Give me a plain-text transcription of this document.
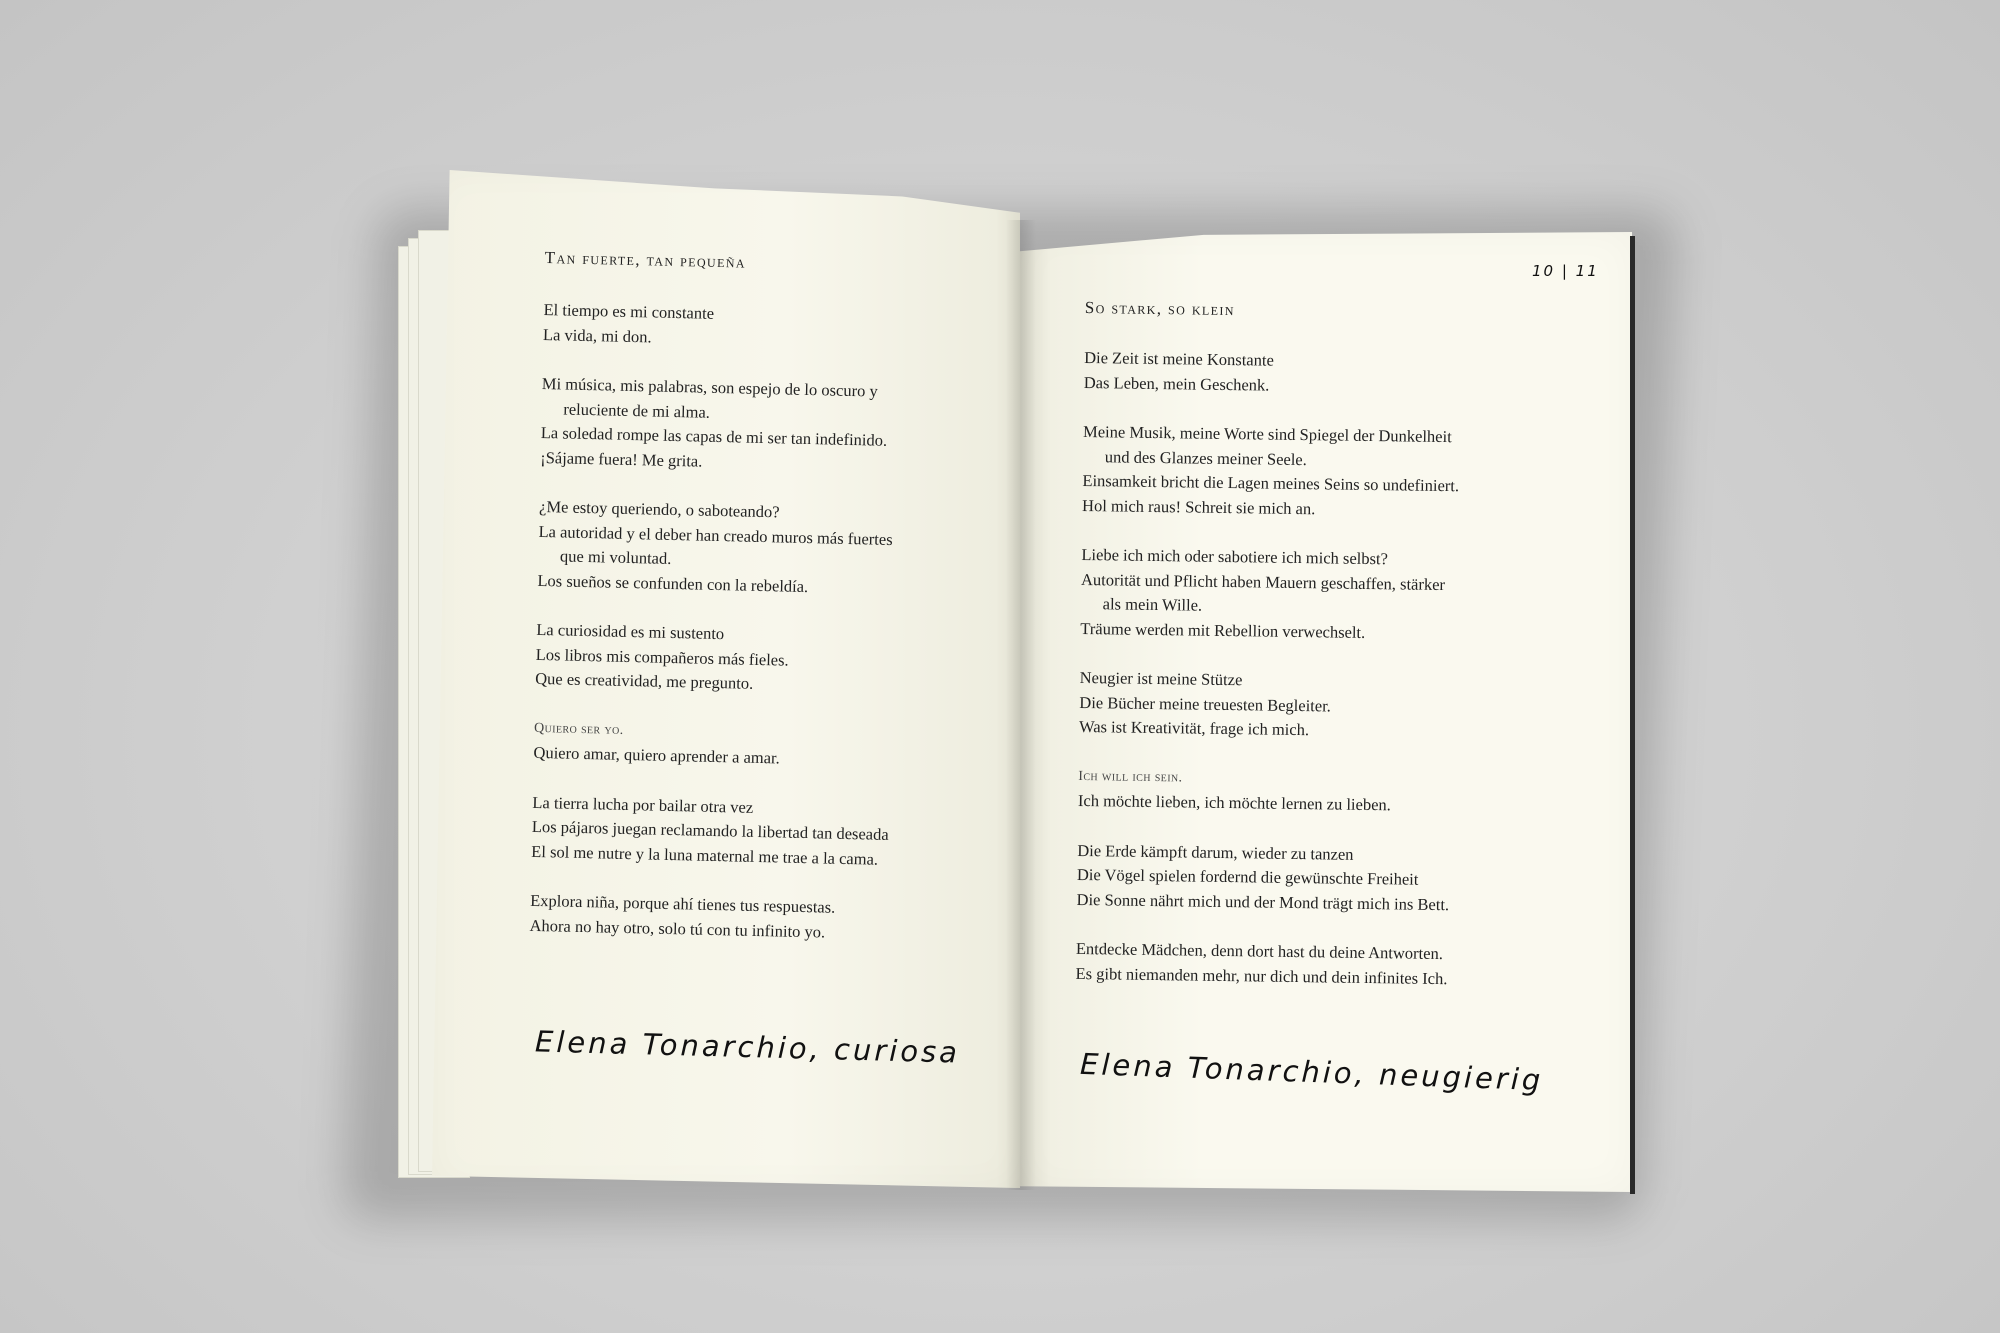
Tan fuerte, tan pequeña
El tiempo es mi constante
La vida, mi don.
Mi música, mis palabras, son espejo de lo oscuro y
reluciente de mi alma.
La soledad rompe las capas de mi ser tan indefinido.
¡Sájame fuera! Me grita.
¿Me estoy queriendo, o saboteando?
La autoridad y el deber han creado muros más fuertes
que mi voluntad.
Los sueños se confunden con la rebeldía.
La curiosidad es mi sustento
Los libros mis compañeros más fieles.
Que es creatividad, me pregunto.
Quiero ser yo.
Quiero amar, quiero aprender a amar.
La tierra lucha por bailar otra vez
Los pájaros juegan reclamando la libertad tan deseada
El sol me nutre y la luna maternal me trae a la cama.
Explora niña, porque ahí tienes tus respuestas.
Ahora no hay otro, solo tú con tu infinito yo.
Elena Tonarchio, curiosa
10 | 11
So stark, so klein
Die Zeit ist meine Konstante
Das Leben, mein Geschenk.
Meine Musik, meine Worte sind Spiegel der Dunkelheit
und des Glanzes meiner Seele.
Einsamkeit bricht die Lagen meines Seins so undefiniert.
Hol mich raus! Schreit sie mich an.
Liebe ich mich oder sabotiere ich mich selbst?
Autorität und Pflicht haben Mauern geschaffen, stärker
als mein Wille.
Träume werden mit Rebellion verwechselt.
Neugier ist meine Stütze
Die Bücher meine treuesten Begleiter.
Was ist Kreativität, frage ich mich.
Ich will ich sein.
Ich möchte lieben, ich möchte lernen zu lieben.
Die Erde kämpft darum, wieder zu tanzen
Die Vögel spielen fordernd die gewünschte Freiheit
Die Sonne nährt mich und der Mond trägt mich ins Bett.
Entdecke Mädchen, denn dort hast du deine Antworten.
Es gibt niemanden mehr, nur dich und dein infinites Ich.
Elena Tonarchio, neugierig
